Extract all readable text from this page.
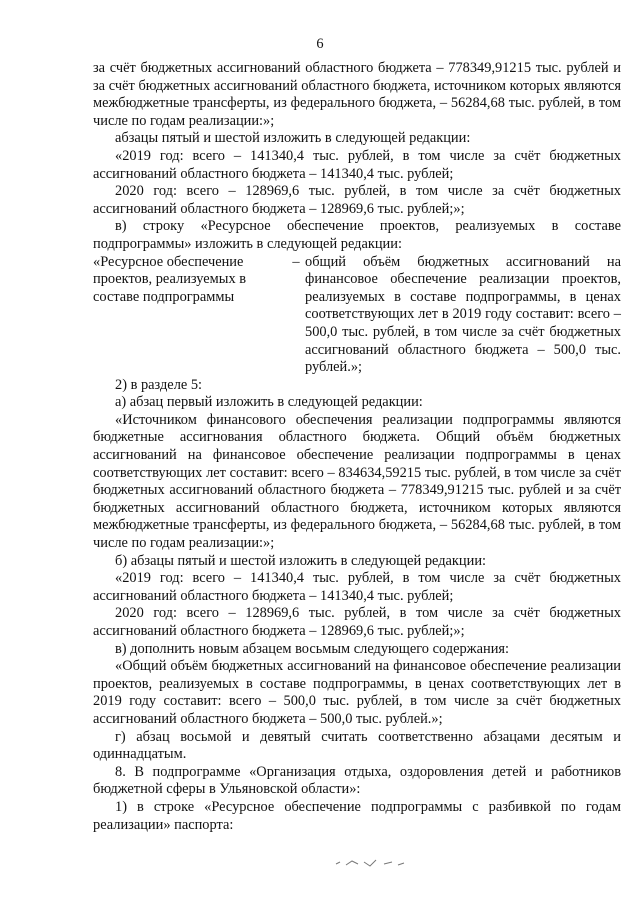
6

за счёт бюджетных ассигнований областного бюджета – 778349,91215 тыс. рублей и за счёт бюджетных ассигнований областного бюджета, источником которых являются межбюджетные трансферты, из федерального бюджета, – 56284,68 тыс. рублей, в том числе по годам реализации:»;

абзацы пятый и шестой изложить в следующей редакции:

«2019 год: всего – 141340,4 тыс. рублей, в том числе за счёт бюджетных ассигнований областного бюджета – 141340,4 тыс. рублей;

2020 год: всего – 128969,6 тыс. рублей, в том числе за счёт бюджетных ассигнований областного бюджета – 128969,6 тыс. рублей;»;

в) строку «Ресурсное обеспечение проектов, реализуемых в составе подпрограммы» изложить в следующей редакции:

«Ресурсное обеспечение проектов, реализуемых в составе подпрограммы
– общий объём бюджетных ассигнований на финансовое обеспечение реализации проектов, реализуемых в составе подпрограммы, в ценах соответствующих лет в 2019 году составит: всего – 500,0 тыс. рублей, в том числе за счёт бюджетных ассигнований областного бюджета – 500,0 тыс. рублей.»;

2) в разделе 5:

а) абзац первый изложить в следующей редакции:

«Источником финансового обеспечения реализации подпрограммы являются бюджетные ассигнования областного бюджета. Общий объём бюджетных ассигнований на финансовое обеспечение реализации подпрограммы в ценах соответствующих лет составит: всего – 834634,59215 тыс. рублей, в том числе за счёт бюджетных ассигнований областного бюджета – 778349,91215 тыс. рублей и за счёт бюджетных ассигнований областного бюджета, источником которых являются межбюджетные трансферты, из федерального бюджета, – 56284,68 тыс. рублей, в том числе по годам реализации:»;

б) абзацы пятый и шестой изложить в следующей редакции:

«2019 год: всего – 141340,4 тыс. рублей, в том числе за счёт бюджетных ассигнований областного бюджета – 141340,4 тыс. рублей;

2020 год: всего – 128969,6 тыс. рублей, в том числе за счёт бюджетных ассигнований областного бюджета – 128969,6 тыс. рублей;»;

в) дополнить новым абзацем восьмым следующего содержания:

«Общий объём бюджетных ассигнований на финансовое обеспечение реализации проектов, реализуемых в составе подпрограммы, в ценах соответствующих лет в 2019 году составит: всего – 500,0 тыс. рублей, в том числе за счёт бюджетных ассигнований областного бюджета – 500,0 тыс. рублей.»;

г) абзац восьмой и девятый считать соответственно абзацами десятым и одиннадцатым.

8. В подпрограмме «Организация отдыха, оздоровления детей и работников бюджетной сферы в Ульяновской области»:

1) в строке «Ресурсное обеспечение подпрограммы с разбивкой по годам реализации» паспорта:
